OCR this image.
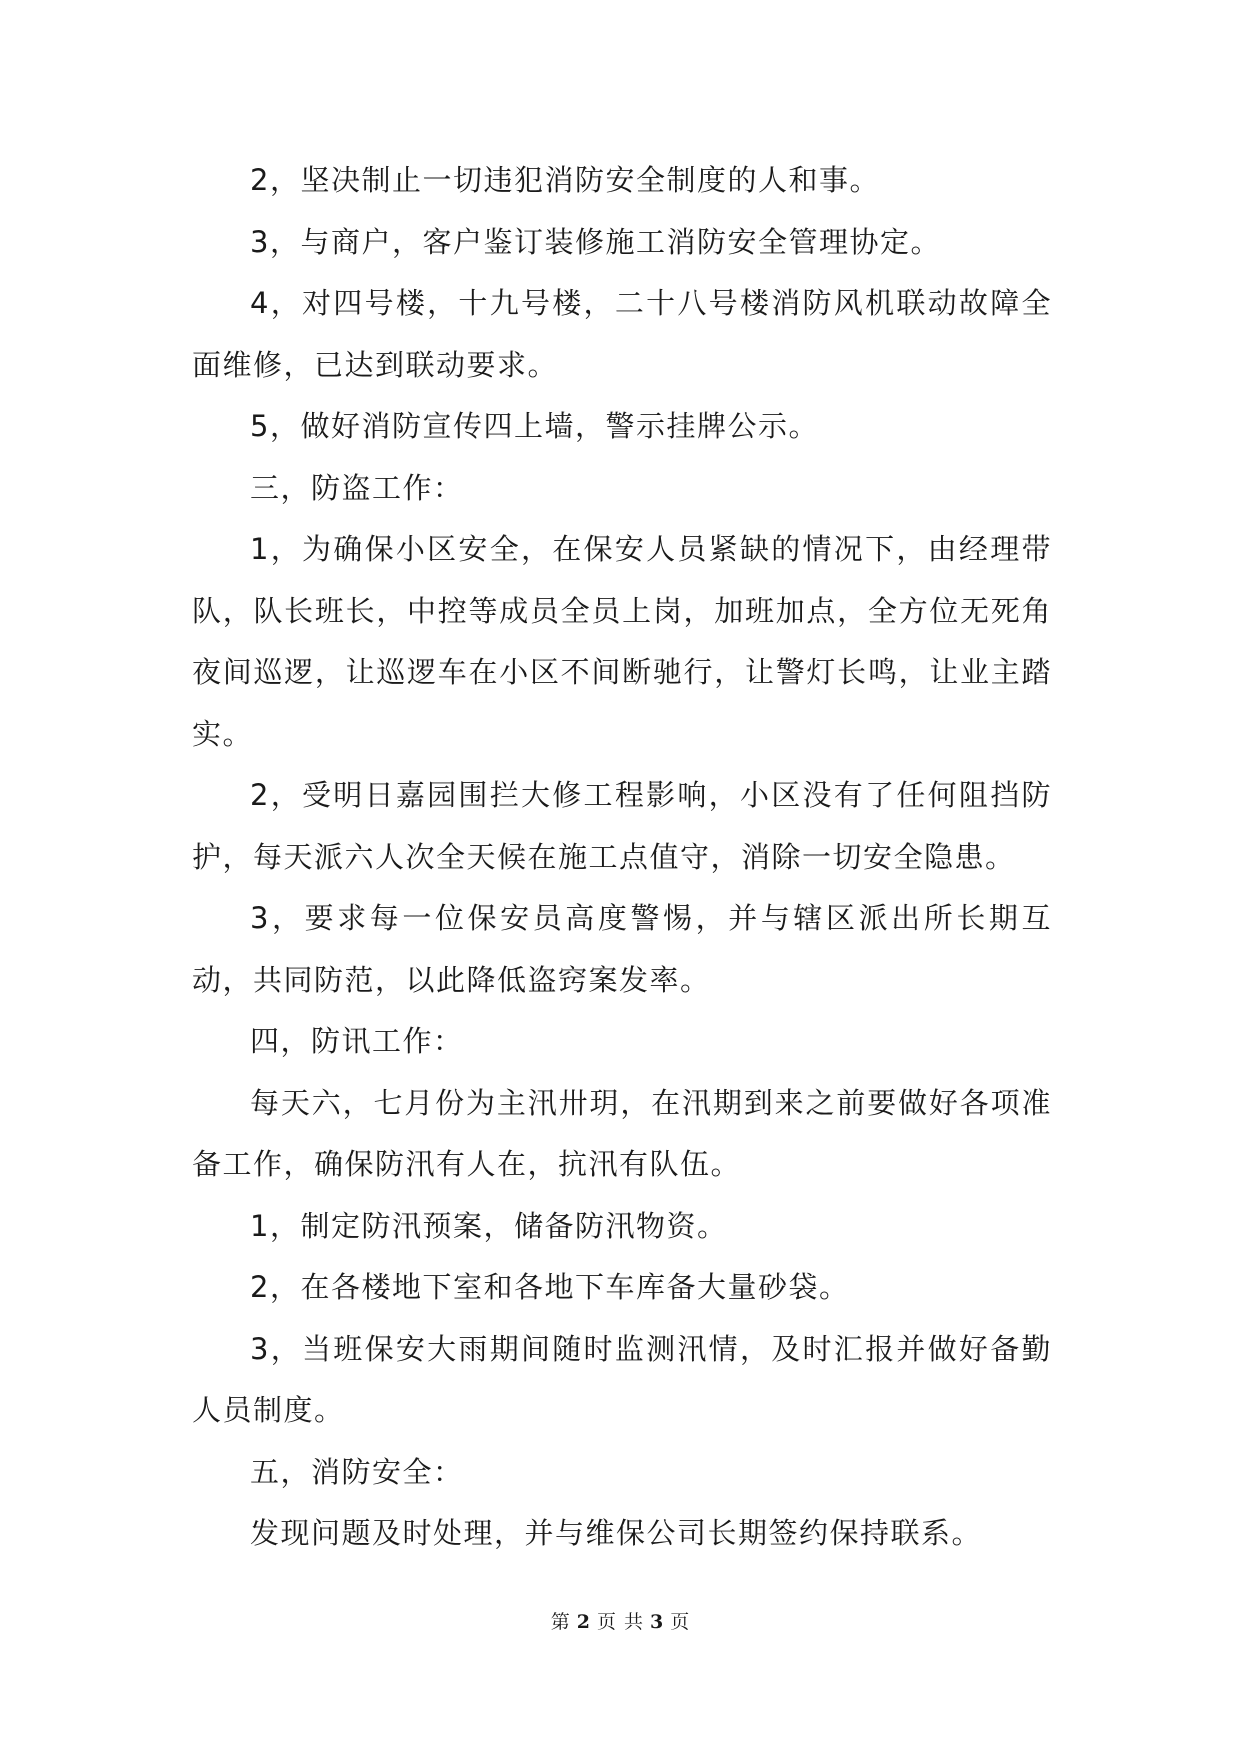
2，坚决制止一切违犯消防安全制度的人和事。

3，与商户，客户鉴订装修施工消防安全管理协定。

4，对四号楼，十九号楼，二十八号楼消防风机联动故障全面维修，已达到联动要求。

5，做好消防宣传四上墙，警示挂牌公示。

三，防盗工作：

1，为确保小区安全，在保安人员紧缺的情况下，由经理带队，队长班长，中控等成员全员上岗，加班加点，全方位无死角夜间巡逻，让巡逻车在小区不间断驰行，让警灯长鸣，让业主踏实。

2，受明日嘉园围拦大修工程影响，小区没有了任何阻挡防护，每天派六人次全天候在施工点值守，消除一切安全隐患。

3，要求每一位保安员高度警惕，并与辖区派出所长期互动，共同防范，以此降低盗窍案发率。

四，防讯工作：

每天六，七月份为主汛卅玥，在汛期到来之前要做好各项准备工作，确保防汛有人在，抗汛有队伍。

1，制定防汛预案，储备防汛物资。

2，在各楼地下室和各地下车库备大量砂袋。

3，当班保安大雨期间随时监测汛情，及时汇报并做好备勤人员制度。

五，消防安全：

发现问题及时处理，并与维保公司长期签约保持联系。

第 2 页 共 3 页
